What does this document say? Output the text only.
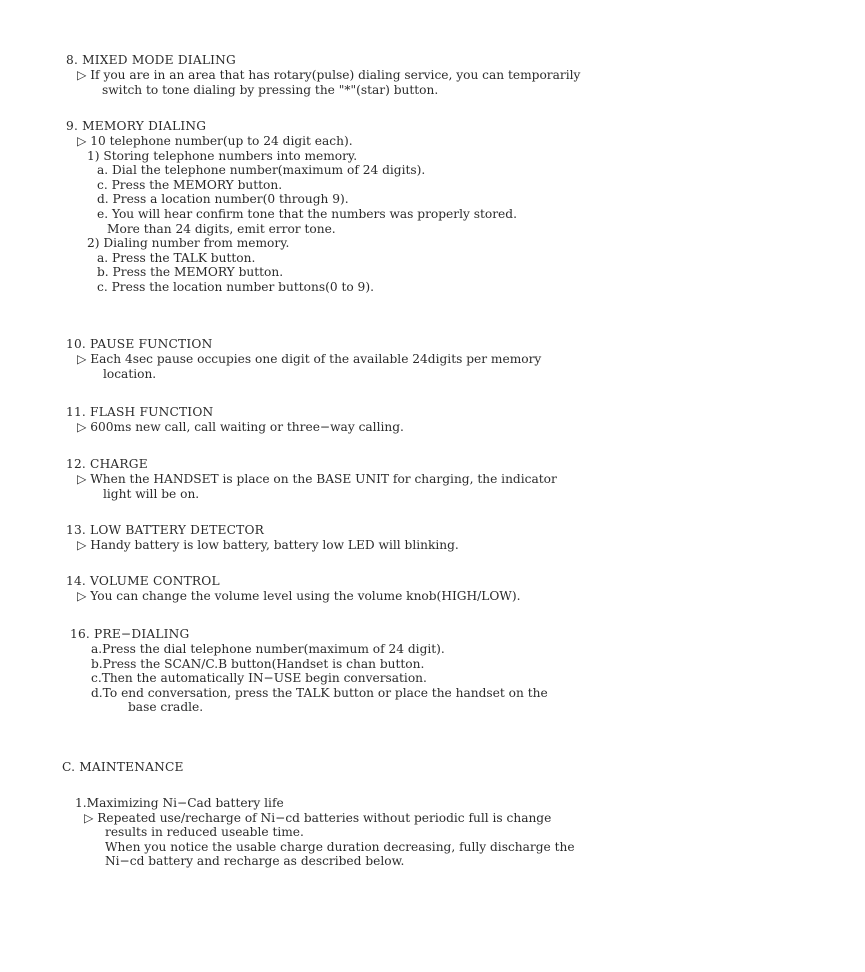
8. MIXED MODE DIALING
▷ If you are in an area that has rotary(pulse) dialing service, you can temporarily
switch to tone dialing by pressing the "*"(star) button.
9. MEMORY DIALING
▷ 10 telephone number(up to 24 digit each).
1) Storing telephone numbers into memory.
a. Dial the telephone number(maximum of 24 digits).
c. Press the MEMORY button.
d. Press a location number(0 through 9).
e. You will hear confirm tone that the numbers was properly stored.
More than 24 digits, emit error tone.
2) Dialing number from memory.
a. Press the TALK button.
b. Press the MEMORY button.
c. Press the location number buttons(0 to 9).
10. PAUSE FUNCTION
▷ Each 4sec pause occupies one digit of the available 24digits per memory
location.
11. FLASH FUNCTION
▷ 600ms new call, call waiting or three−way calling.
12. CHARGE
▷ When the HANDSET is place on the BASE UNIT for charging, the indicator
light will be on.
13. LOW BATTERY DETECTOR
▷ Handy battery is low battery, battery low LED will blinking.
14. VOLUME CONTROL
▷ You can change the volume level using the volume knob(HIGH/LOW).
16. PRE−DIALING
a.Press the dial telephone number(maximum of 24 digit).
b.Press the SCAN/C.B button(Handset is chan button.
c.Then the automatically IN−USE begin conversation.
d.To end conversation, press the TALK button or place the handset on the
base cradle.
C. MAINTENANCE
1.Maximizing Ni−Cad battery life
▷ Repeated use/recharge of Ni−cd batteries without periodic full is change
results in reduced useable time.
When you notice the usable charge duration decreasing, fully discharge the
Ni−cd battery and recharge as described below.
